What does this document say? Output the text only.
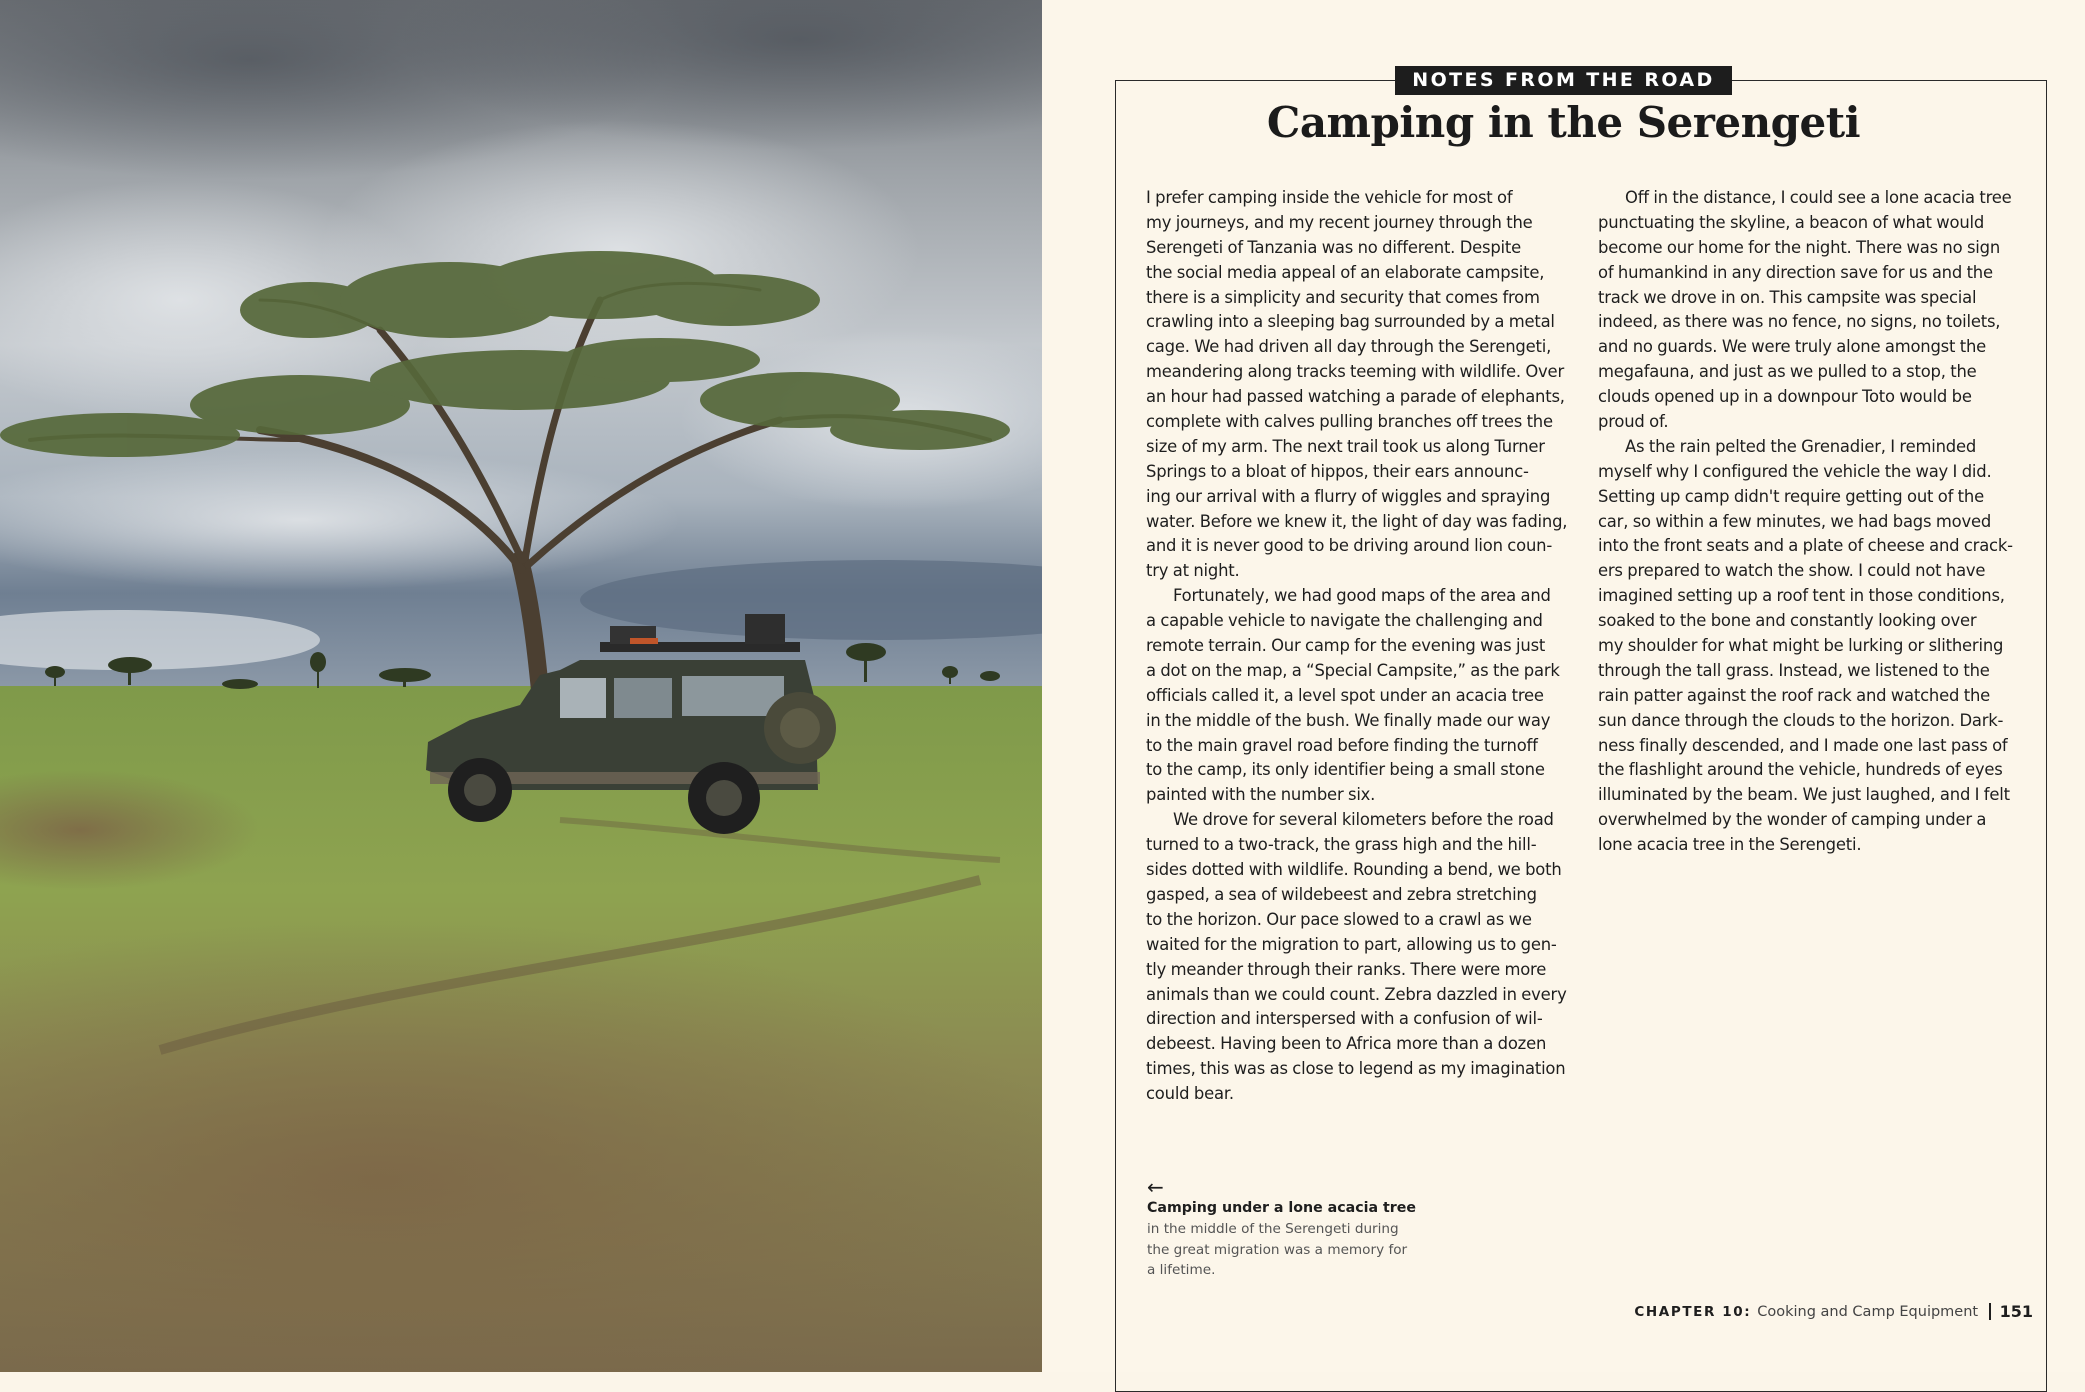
NOTES FROM THE ROAD
Camping in the Serengeti
I prefer camping inside the vehicle for most of
my journeys, and my recent journey through the
Serengeti of Tanzania was no different. Despite
the social media appeal of an elaborate campsite,
there is a simplicity and security that comes from
crawling into a sleeping bag surrounded by a metal
cage. We had driven all day through the Serengeti,
meandering along tracks teeming with wildlife. Over
an hour had passed watching a parade of elephants,
complete with calves pulling branches off trees the
size of my arm. The next trail took us along Turner
Springs to a bloat of hippos, their ears announc-
ing our arrival with a flurry of wiggles and spraying
water. Before we knew it, the light of day was fading,
and it is never good to be driving around lion coun-
try at night.
Fortunately, we had good maps of the area and
a capable vehicle to navigate the challenging and
remote terrain. Our camp for the evening was just
a dot on the map, a “Special Campsite,” as the park
officials called it, a level spot under an acacia tree
in the middle of the bush. We finally made our way
to the main gravel road before finding the turnoff
to the camp, its only identifier being a small stone
painted with the number six.
We drove for several kilometers before the road
turned to a two-track, the grass high and the hill-
sides dotted with wildlife. Rounding a bend, we both
gasped, a sea of wildebeest and zebra stretching
to the horizon. Our pace slowed to a crawl as we
waited for the migration to part, allowing us to gen-
tly meander through their ranks. There were more
animals than we could count. Zebra dazzled in every
direction and interspersed with a confusion of wil-
debeest. Having been to Africa more than a dozen
times, this was as close to legend as my imagination
could bear.
Off in the distance, I could see a lone acacia tree
punctuating the skyline, a beacon of what would
become our home for the night. There was no sign
of humankind in any direction save for us and the
track we drove in on. This campsite was special
indeed, as there was no fence, no signs, no toilets,
and no guards. We were truly alone amongst the
megafauna, and just as we pulled to a stop, the
clouds opened up in a downpour Toto would be
proud of.
As the rain pelted the Grenadier, I reminded
myself why I configured the vehicle the way I did.
Setting up camp didn't require getting out of the
car, so within a few minutes, we had bags moved
into the front seats and a plate of cheese and crack-
ers prepared to watch the show. I could not have
imagined setting up a roof tent in those conditions,
soaked to the bone and constantly looking over
my shoulder for what might be lurking or slithering
through the tall grass. Instead, we listened to the
rain patter against the roof rack and watched the
sun dance through the clouds to the horizon. Dark-
ness finally descended, and I made one last pass of
the flashlight around the vehicle, hundreds of eyes
illuminated by the beam. We just laughed, and I felt
overwhelmed by the wonder of camping under a
lone acacia tree in the Serengeti.
←
Camping under a lone acacia tree
in the middle of the Serengeti during
the great migration was a memory for
a lifetime.
CHAPTER 10: Cooking and Camp Equipment 151
